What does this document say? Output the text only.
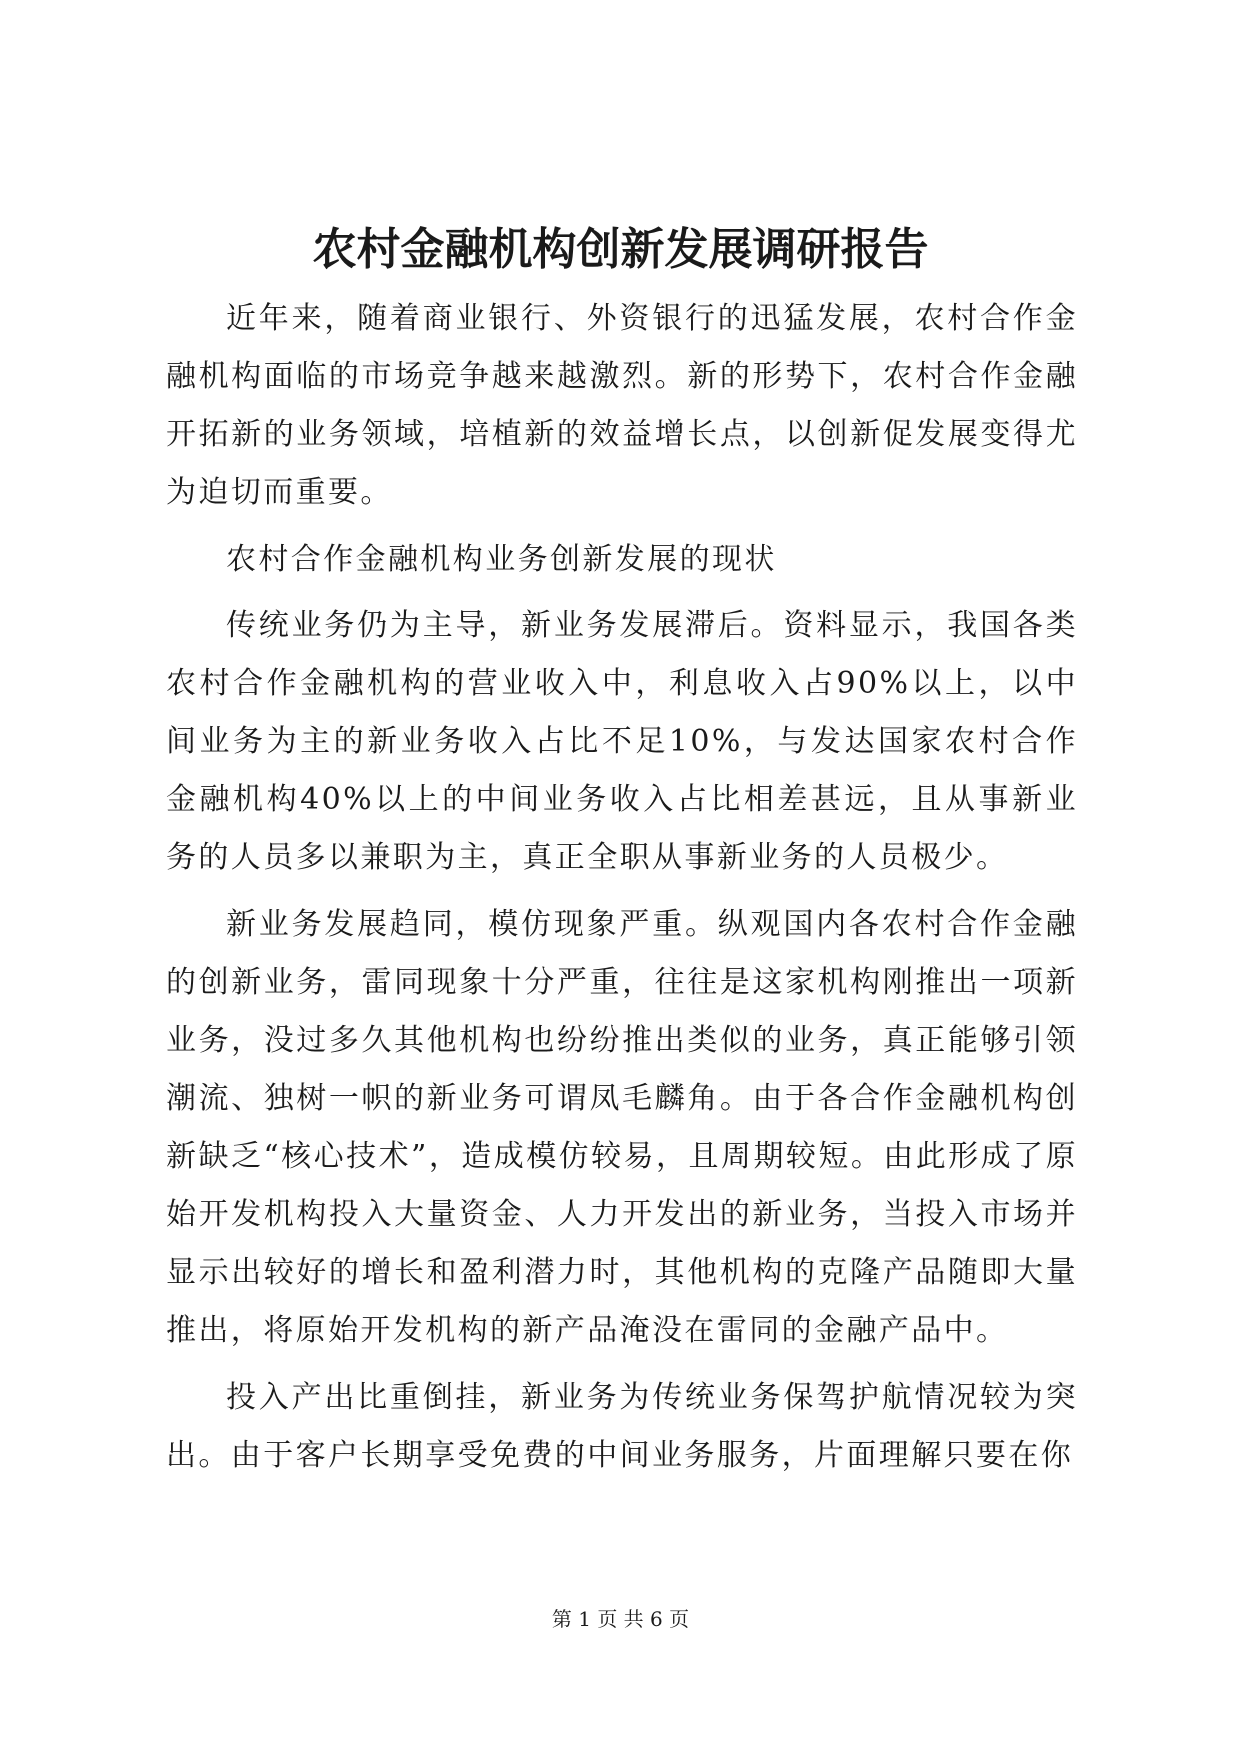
农村金融机构创新发展调研报告

近年来，随着商业银行、外资银行的迅猛发展，农村合作金融机构面临的市场竞争越来越激烈。新的形势下，农村合作金融开拓新的业务领域，培植新的效益增长点，以创新促发展变得尤为迫切而重要。

农村合作金融机构业务创新发展的现状

传统业务仍为主导，新业务发展滞后。资料显示，我国各类农村合作金融机构的营业收入中，利息收入占90%以上，以中间业务为主的新业务收入占比不足10%，与发达国家农村合作金融机构40%以上的中间业务收入占比相差甚远，且从事新业务的人员多以兼职为主，真正全职从事新业务的人员极少。

新业务发展趋同，模仿现象严重。纵观国内各农村合作金融的创新业务，雷同现象十分严重，往往是这家机构刚推出一项新业务，没过多久其他机构也纷纷推出类似的业务，真正能够引领潮流、独树一帜的新业务可谓凤毛麟角。由于各合作金融机构创新缺乏“核心技术”，造成模仿较易，且周期较短。由此形成了原始开发机构投入大量资金、人力开发出的新业务，当投入市场并显示出较好的增长和盈利潜力时，其他机构的克隆产品随即大量推出，将原始开发机构的新产品淹没在雷同的金融产品中。

投入产出比重倒挂，新业务为传统业务保驾护航情况较为突出。由于客户长期享受免费的中间业务服务，片面理解只要在你

第 1 页 共 6 页
